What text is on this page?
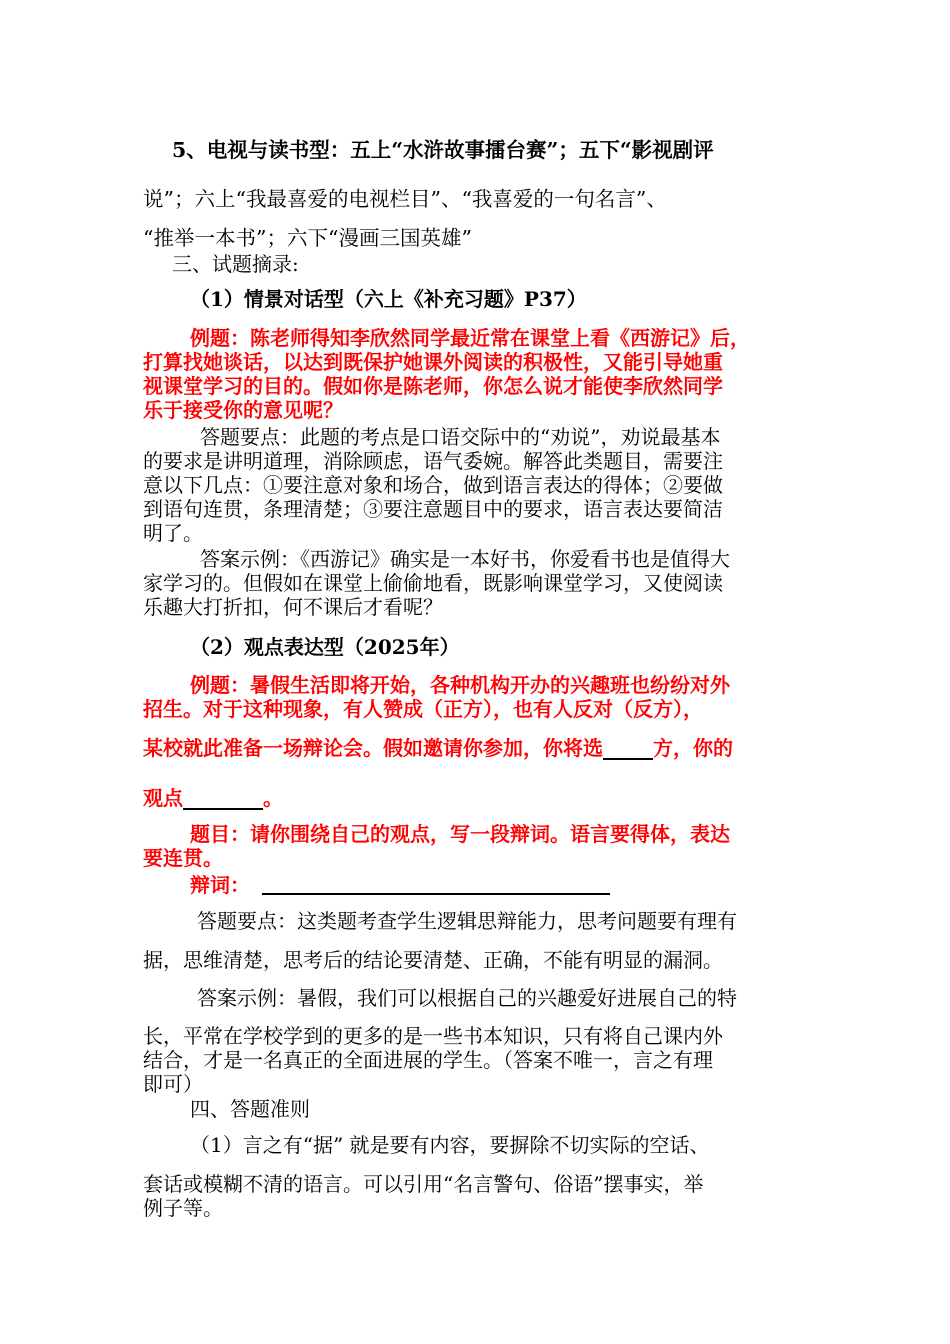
5、电视与读书型：五上“水浒故事擂台赛”；五下“影视剧评
说”；六上“我最喜爱的电视栏目”、“我喜爱的一句名言”、
“推举一本书”；六下“漫画三国英雄”
三、试题摘录:
（1）情景对话型（六上《补充习题》P37）
例题：陈老师得知李欣然同学最近常在课堂上看《西游记》后，
打算找她谈话，以达到既保护她课外阅读的积极性，又能引导她重
视课堂学习的目的。假如你是陈老师，你怎么说才能使李欣然同学
乐于接受你的意见呢？
答题要点：此题的考点是口语交际中的“劝说”，劝说最基本
的要求是讲明道理，消除顾虑，语气委婉。解答此类题目，需要注
意以下几点：①要注意对象和场合，做到语言表达的得体；②要做
到语句连贯，条理清楚；③要注意题目中的要求，语言表达要简洁
明了。
答案示例：《西游记》确实是一本好书，你爱看书也是值得大
家学习的。但假如在课堂上偷偷地看，既影响课堂学习，又使阅读
乐趣大打折扣，何不课后才看呢？
（2）观点表达型（2025年）
例题：暑假生活即将开始，各种机构开办的兴趣班也纷纷对外
招生。对于这种现象，有人赞成（正方），也有人反对（反方），
某校就此准备一场辩论会。假如邀请你参加，你将选	方，你的
观点	。
题目：请你围绕自己的观点，写一段辩词。语言要得体，表达
要连贯。
辩词：
答题要点：这类题考查学生逻辑思辩能力，思考问题要有理有
据，思维清楚，思考后的结论要清楚、正确，不能有明显的漏洞。
答案示例：暑假，我们可以根据自己的兴趣爱好进展自己的特
长，平常在学校学到的更多的是一些书本知识，只有将自己课内外
结合，才是一名真正的全面进展的学生。（答案不唯一，言之有理
即可）
四、答题准则
（1）言之有“据” 就是要有内容，要摒除不切实际的空话、
套话或模糊不清的语言。可以引用“名言警句、俗语”摆事实，举
例子等。
